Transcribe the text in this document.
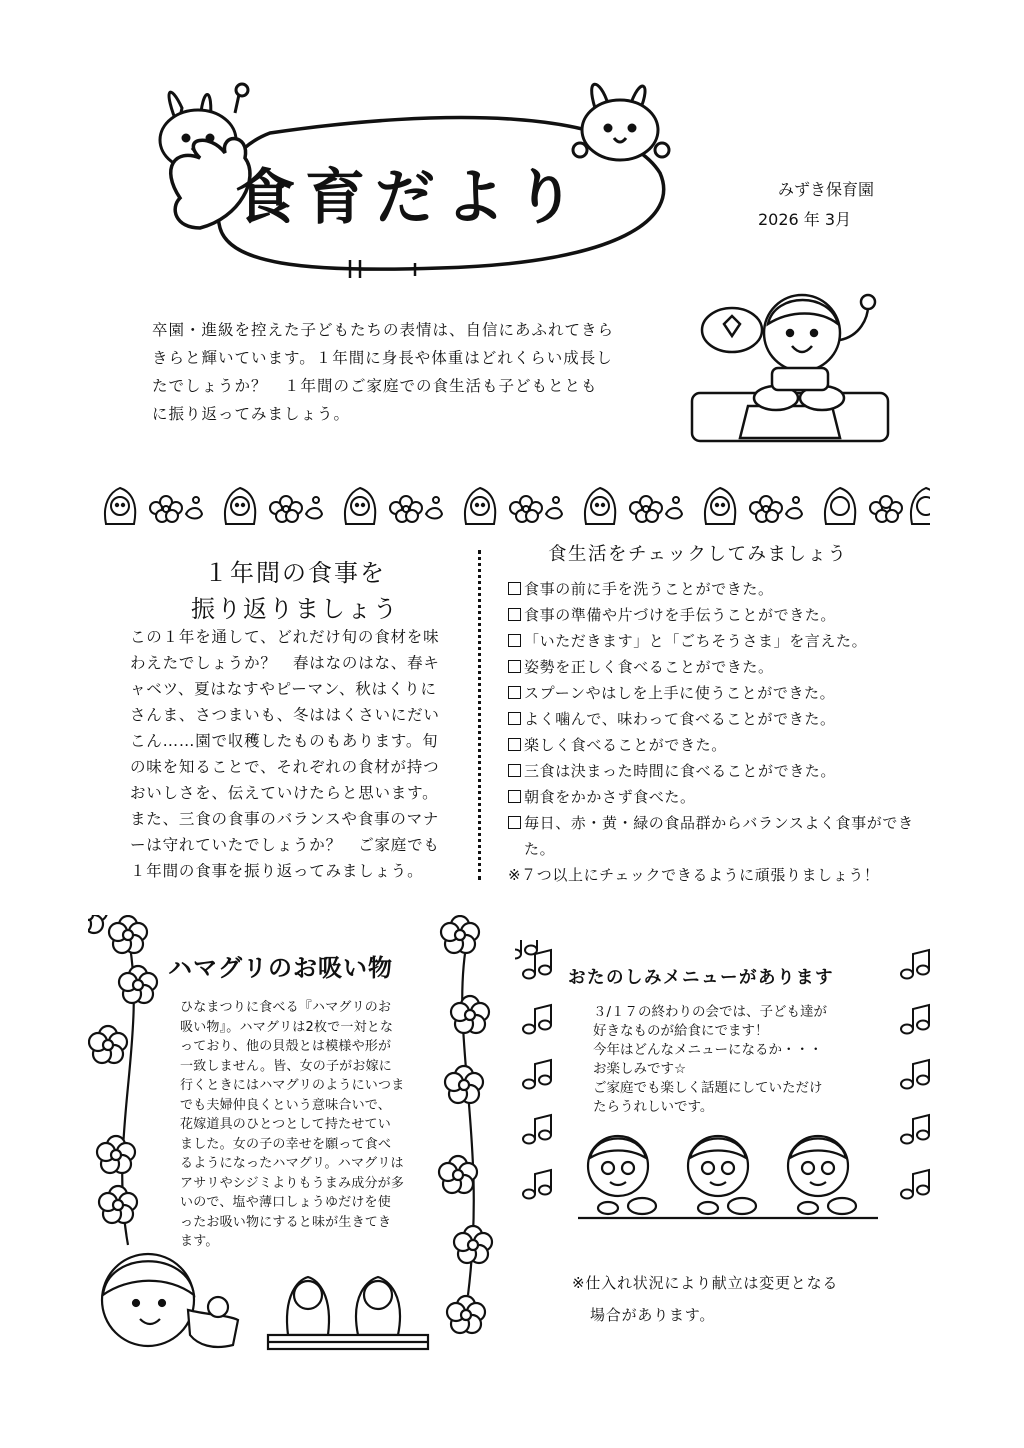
食育だより	みずき保育園
2026 年 3月

卒園・進級を控えた子どもたちの表情は、自信にあふれてきら

きらと輝いています。１年間に身長や体重はどれくらい成長し

たでしょうか？　１年間のご家庭での食生活も子どもととも

に振り返ってみましょう。

１年間の食事を
振り返りましょう

この１年を通して、どれだけ旬の食材を味

わえたでしょうか？　春はなのはな、春キ

ャベツ、夏はなすやピーマン、秋はくりに

さんま、さつまいも、冬ははくさいにだい

こん……園で収穫したものもあります。旬

の味を知ることで、それぞれの食材が持つ

おいしさを、伝えていけたらと思います。

また、三食の食事のバランスや食事のマナ

ーは守れていたでしょうか？　ご家庭でも

１年間の食事を振り返ってみましょう。

食生活をチェックしてみましょう
食事の前に手を洗うことができた。
食事の準備や片づけを手伝うことができた。
「いただきます」と「ごちそうさま」を言えた。
姿勢を正しく食べることができた。
スプーンやはしを上手に使うことができた。
よく噛んで、味わって食べることができた。
楽しく食べることができた。
三食は決まった時間に食べることができた。
朝食をかかさず食べた。
毎日、赤・黄・緑の食品群からバランスよく食事ができ
た。
※７つ以上にチェックできるように頑張りましょう！
ハマグリのお吸い物

ひなまつりに食べる『ハマグリのお

吸い物』。ハマグリは2枚で一対とな

っており、他の貝殻とは模様や形が

一致しません。皆、女の子がお嫁に

行くときにはハマグリのようにいつま

でも夫婦仲良くという意味合いで、

花嫁道具のひとつとして持たせてい

ました。女の子の幸せを願って食べ

るようになったハマグリ。ハマグリは

アサリやシジミよりもうまみ成分が多

いので、塩や薄口しょうゆだけを使

ったお吸い物にすると味が生きてき

ます。

おたのしみメニューがあります

３/１７の終わりの会では、子ども達が

好きなものが給食にでます！

今年はどんなメニューになるか・・・

お楽しみです☆

ご家庭でも楽しく話題にしていただけ

たらうれしいです。

※仕入れ状況により献立は変更となる
場合があります。
